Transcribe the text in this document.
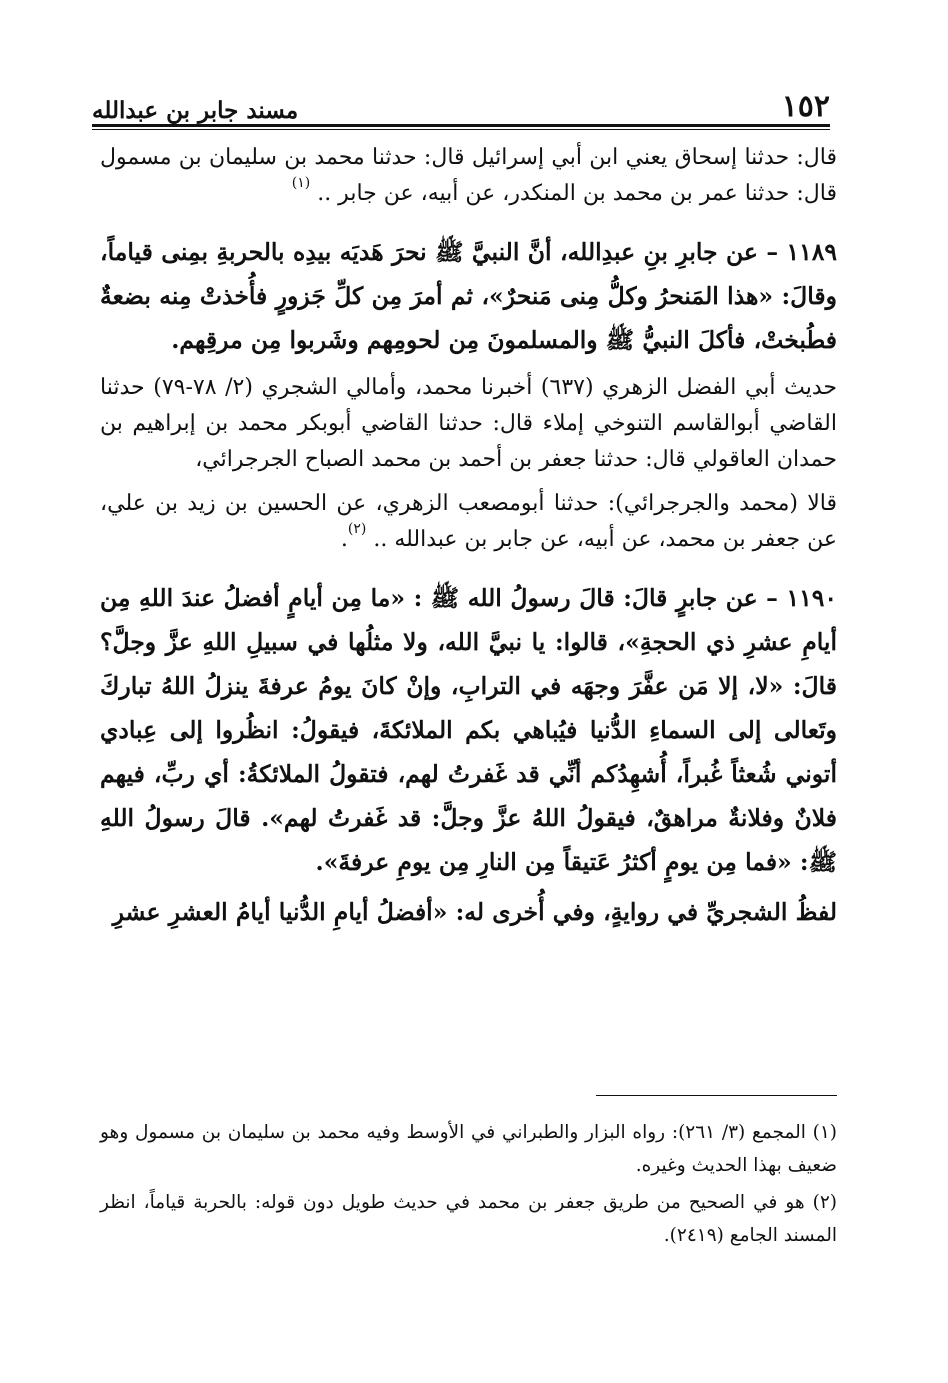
مسند جابر بن عبدالله	١٥٢

قال: حدثنا إسحاق يعني ابن أبي إسرائيل قال: حدثنا محمد بن سليمان بن مسمول قال: حدثنا عمر بن محمد بن المنكدر، عن أبيه، عن جابر .. $^{(١)}$

١١٨٩ – عن جابرِ بنِ عبدِالله، أنَّ النبيَّ ﷺ نحرَ هَديَه بيدِه بالحربةِ بمِنى قياماً، وقالَ: «هذا المَنحرُ وكلُّ مِنى مَنحرٌ»، ثم أمرَ مِن كلِّ جَزورٍ فأُخذتْ مِنه بضعةٌ فطُبختْ، فأكلَ النبيُّ ﷺ والمسلمونَ مِن لحومِهم وشَربوا مِن مرقِهم.

حديث أبي الفضل الزهري (٦٣٧) أخبرنا محمد، وأمالي الشجري (٢/ ٧٨-٧٩) حدثنا القاضي أبوالقاسم التنوخي إملاء قال: حدثنا القاضي أبوبكر محمد بن إبراهيم بن حمدان العاقولي قال: حدثنا جعفر بن أحمد بن محمد الصباح الجرجرائي،

قالا (محمد والجرجرائي): حدثنا أبومصعب الزهري، عن الحسين بن زيد بن علي، عن جعفر بن محمد، عن أبيه، عن جابر بن عبدالله .. $^{(٢)}$.

١١٩٠ – عن جابرٍ قالَ: قالَ رسولُ الله ﷺ : «ما مِن أيامٍ أفضلُ عندَ اللهِ مِن أيامِ عشرِ ذي الحجةِ»، قالوا: يا نبيَّ الله، ولا مثلُها في سبيلِ اللهِ عزَّ وجلَّ؟ قالَ: «لا، إلا مَن عفَّرَ وجهَه في الترابِ، وإنْ كانَ يومُ عرفةَ ينزلُ اللهُ تباركَ وتَعالى إلى السماءِ الدُّنيا فيُباهي بكم الملائكةَ، فيقولُ: انظُروا إلى عِبادي أتوني شُعثاً غُبراً، أُشهِدُكم أنِّي قد غَفرتُ لهم، فتقولُ الملائكةُ: أي ربِّ، فيهم فلانٌ وفلانةٌ مراهقٌ، فيقولُ اللهُ عزَّ وجلَّ: قد غَفرتُ لهم». قالَ رسولُ اللهِ ﷺ: «فما مِن يومٍ أكثرُ عَتيقاً مِن النارِ مِن يومِ عرفةَ».

لفظُ الشجريِّ في روايةٍ، وفي أُخرى له: «أفضلُ أيامِ الدُّنيا أيامُ العشرِ عشرِ

(١) المجمع (٣/ ٢٦١): رواه البزار والطبراني في الأوسط وفيه محمد بن سليمان بن مسمول وهو ضعيف بهذا الحديث وغيره.

(٢) هو في الصحيح من طريق جعفر بن محمد في حديث طويل دون قوله: بالحربة قياماً، انظر المسند الجامع (٢٤١٩).
